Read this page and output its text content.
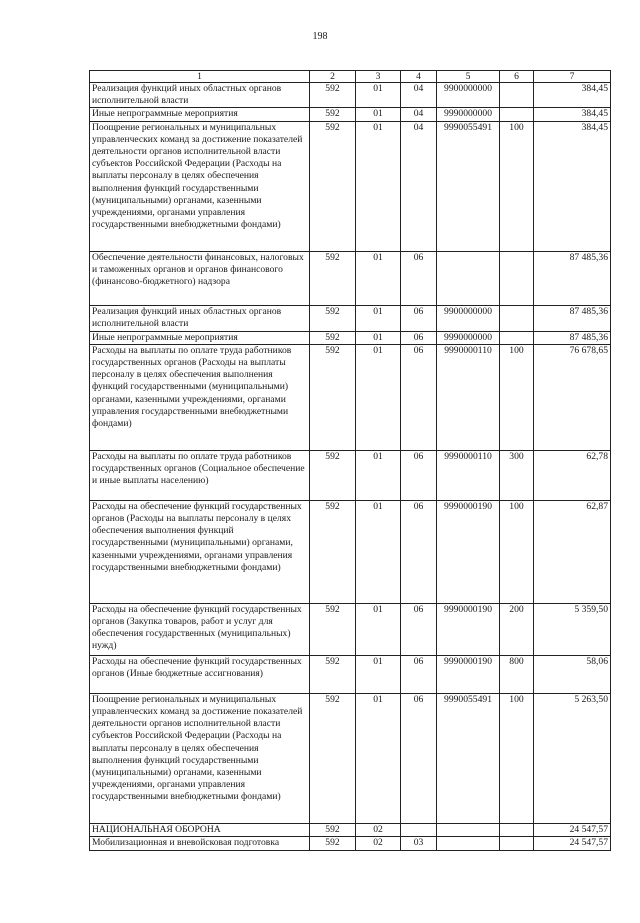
198
1	2	3	4	5	6	7
Реализация функций иных областных органов исполнительной власти	592	01	04	9900000000		384,45
Иные непрограммные мероприятия	592	01	04	9990000000		384,45
Поощрение региональных и муниципальных управленческих команд за достижение показателей деятельности органов исполнительной власти субъектов Российской Федерации (Расходы на выплаты персоналу в целях обеспечения выполнения функций государственными (муниципальными) органами, казенными учреждениями, органами управления государственными внебюджетными фондами)	592	01	04	9990055491	100	384,45
Обеспечение деятельности финансовых, налоговых и таможенных органов и органов финансового (финансово-бюджетного) надзора	592	01	06			87 485,36
Реализация функций иных областных органов исполнительной власти	592	01	06	9900000000		87 485,36
Иные непрограммные мероприятия	592	01	06	9990000000		87 485,36
Расходы на выплаты по оплате труда работников государственных органов (Расходы на выплаты персоналу в целях обеспечения выполнения функций государственными (муниципальными) органами, казенными учреждениями, органами управления государственными внебюджетными фондами)	592	01	06	9990000110	100	76 678,65
Расходы на выплаты по оплате труда работников государственных органов (Социальное обеспечение и иные выплаты населению)	592	01	06	9990000110	300	62,78
Расходы на обеспечение функций государственных органов (Расходы на выплаты персоналу в целях обеспечения выполнения функций государственными (муниципальными) органами, казенными учреждениями, органами управления государственными внебюджетными фондами)	592	01	06	9990000190	100	62,87
Расходы на обеспечение функций государственных органов (Закупка товаров, работ и услуг для обеспечения государственных (муниципальных) нужд)	592	01	06	9990000190	200	5 359,50
Расходы на обеспечение функций государственных органов (Иные бюджетные ассигнования)	592	01	06	9990000190	800	58,06
Поощрение региональных и муниципальных управленческих команд за достижение показателей деятельности органов исполнительной власти субъектов Российской Федерации (Расходы на выплаты персоналу в целях обеспечения выполнения функций государственными (муниципальными) органами, казенными учреждениями, органами управления государственными внебюджетными фондами)	592	01	06	9990055491	100	5 263,50
НАЦИОНАЛЬНАЯ ОБОРОНА	592	02				24 547,57
Мобилизационная и вневойсковая подготовка	592	02	03			24 547,57
